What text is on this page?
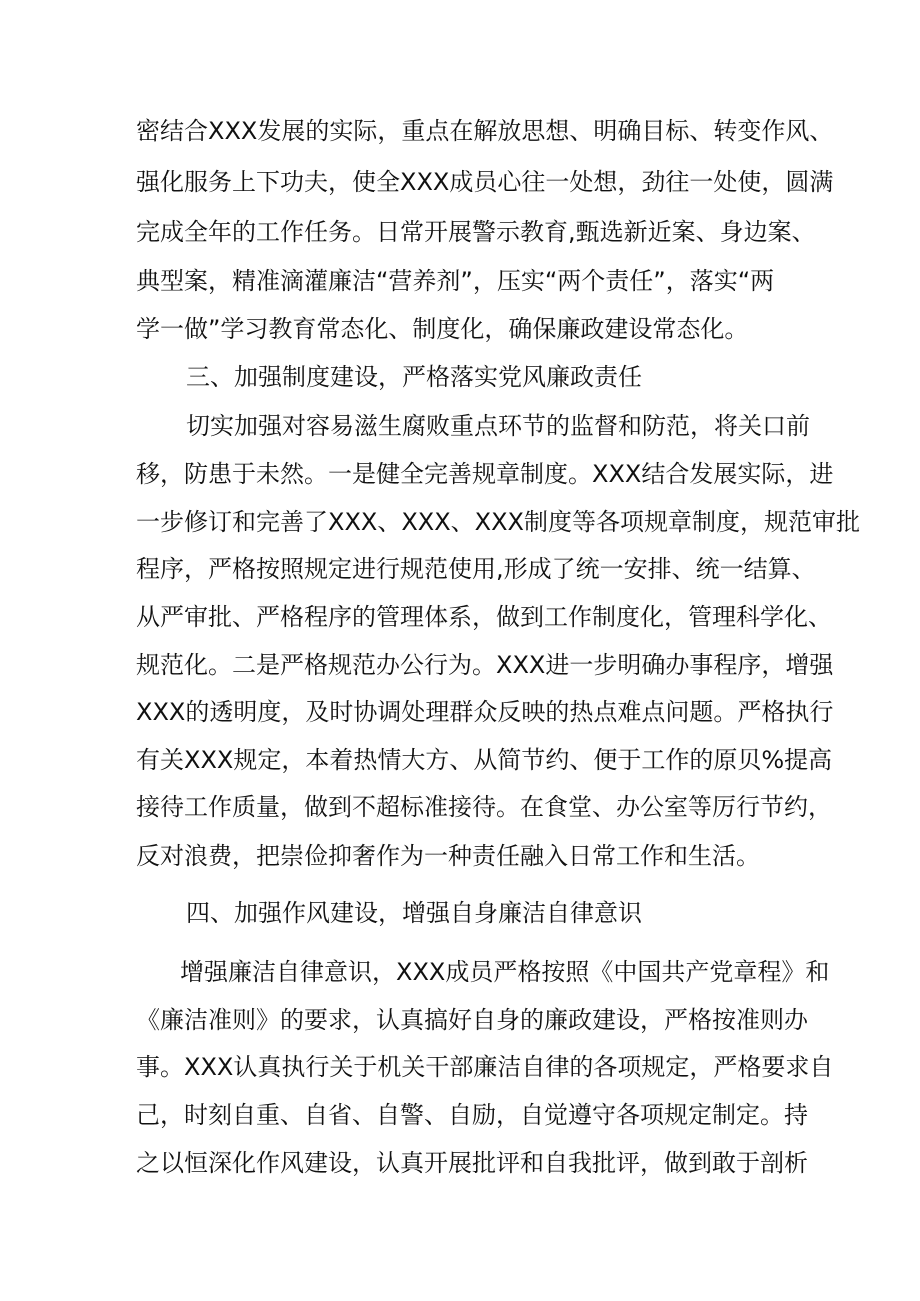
密结合XXX发展的实际，重点在解放思想、明确目标、转变作风、
强化服务上下功夫，使全XXX成员心往一处想，劲往一处使，圆满
完成全年的工作任务。日常开展警示教育,甄选新近案、身边案、
典型案，精准滴灌廉洁“营养剂”，压实“两个责任”，落实“两
学一做”学习教育常态化、制度化，确保廉政建设常态化。
三、加强制度建设，严格落实党风廉政责任
切实加强对容易滋生腐败重点环节的监督和防范，将关口前
移，防患于未然。一是健全完善规章制度。XXX结合发展实际，进
一步修订和完善了XXX、XXX、XXX制度等各项规章制度，规范审批
程序，严格按照规定进行规范使用,形成了统一安排、统一结算、
从严审批、严格程序的管理体系，做到工作制度化，管理科学化、
规范化。二是严格规范办公行为。XXX进一步明确办事程序，增强
XXX的透明度，及时协调处理群众反映的热点难点问题。严格执行
有关XXX规定，本着热情大方、从简节约、便于工作的原贝%提高
接待工作质量，做到不超标准接待。在食堂、办公室等厉行节约，
反对浪费，把崇俭抑奢作为一种责任融入日常工作和生活。
四、加强作风建设，增强自身廉洁自律意识
增强廉洁自律意识，XXX成员严格按照《中国共产党章程》和
《廉洁准则》的要求，认真搞好自身的廉政建设，严格按准则办
事。XXX认真执行关于机关干部廉洁自律的各项规定，严格要求自
己，时刻自重、自省、自警、自励，自觉遵守各项规定制定。持
之以恒深化作风建设，认真开展批评和自我批评，做到敢于剖析
